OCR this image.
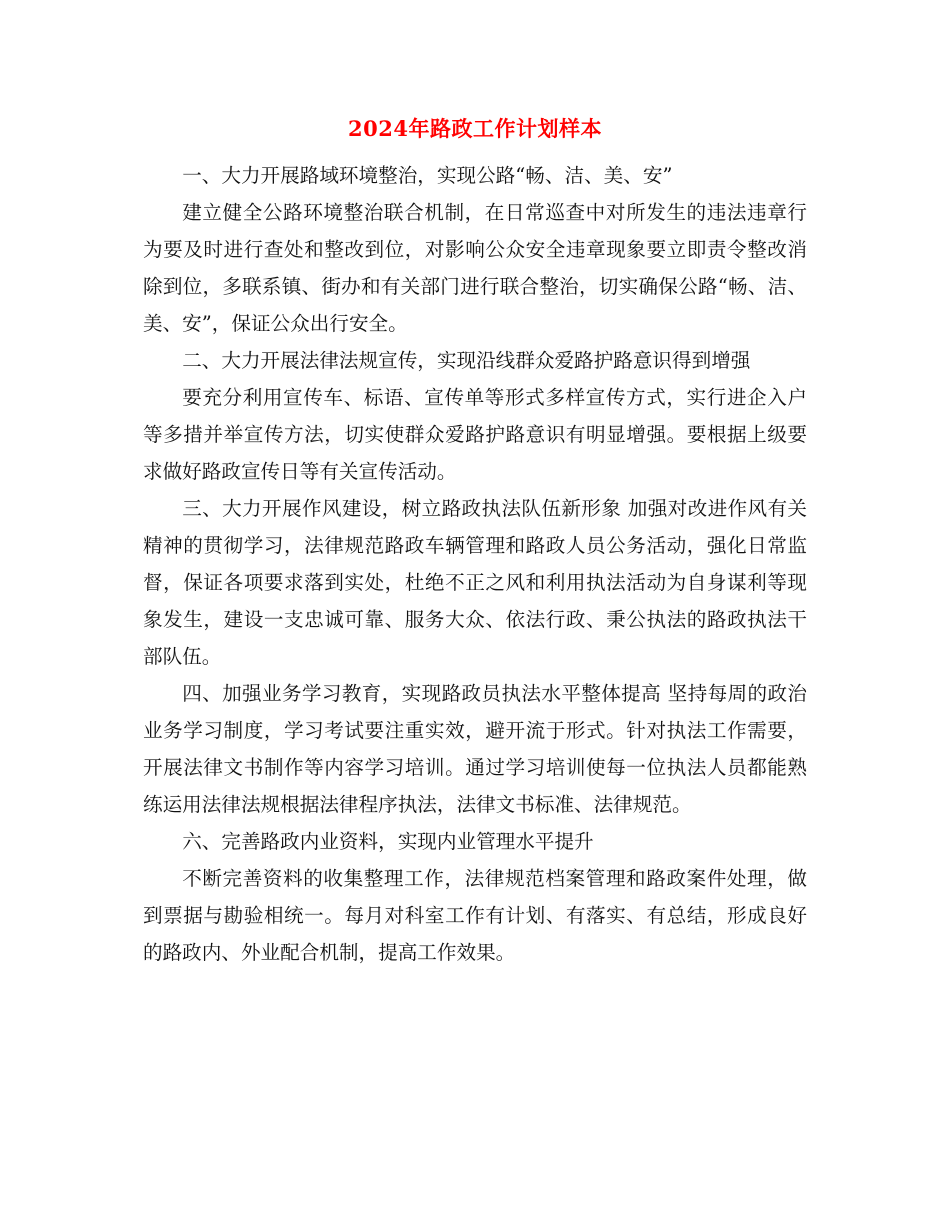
2024年路政工作计划样本

一、大力开展路域环境整治，实现公路“畅、洁、美、安”

建立健全公路环境整治联合机制，在日常巡查中对所发生的违法违章行为要及时进行查处和整改到位，对影响公众安全违章现象要立即责令整改消除到位，多联系镇、街办和有关部门进行联合整治，切实确保公路“畅、洁、美、安”，保证公众出行安全。

二、大力开展法律法规宣传，实现沿线群众爱路护路意识得到增强

要充分利用宣传车、标语、宣传单等形式多样宣传方式，实行进企入户等多措并举宣传方法，切实使群众爱路护路意识有明显增强。要根据上级要求做好路政宣传日等有关宣传活动。

三、大力开展作风建设，树立路政执法队伍新形象 加强对改进作风有关精神的贯彻学习，法律规范路政车辆管理和路政人员公务活动，强化日常监督，保证各项要求落到实处，杜绝不正之风和利用执法活动为自身谋利等现象发生，建设一支忠诚可靠、服务大众、依法行政、秉公执法的路政执法干部队伍。

四、加强业务学习教育，实现路政员执法水平整体提高 坚持每周的政治业务学习制度，学习考试要注重实效，避开流于形式。针对执法工作需要，开展法律文书制作等内容学习培训。通过学习培训使每一位执法人员都能熟练运用法律法规根据法律程序执法，法律文书标准、法律规范。

六、完善路政内业资料，实现内业管理水平提升

不断完善资料的收集整理工作，法律规范档案管理和路政案件处理，做到票据与勘验相统一。每月对科室工作有计划、有落实、有总结，形成良好的路政内、外业配合机制，提高工作效果。
